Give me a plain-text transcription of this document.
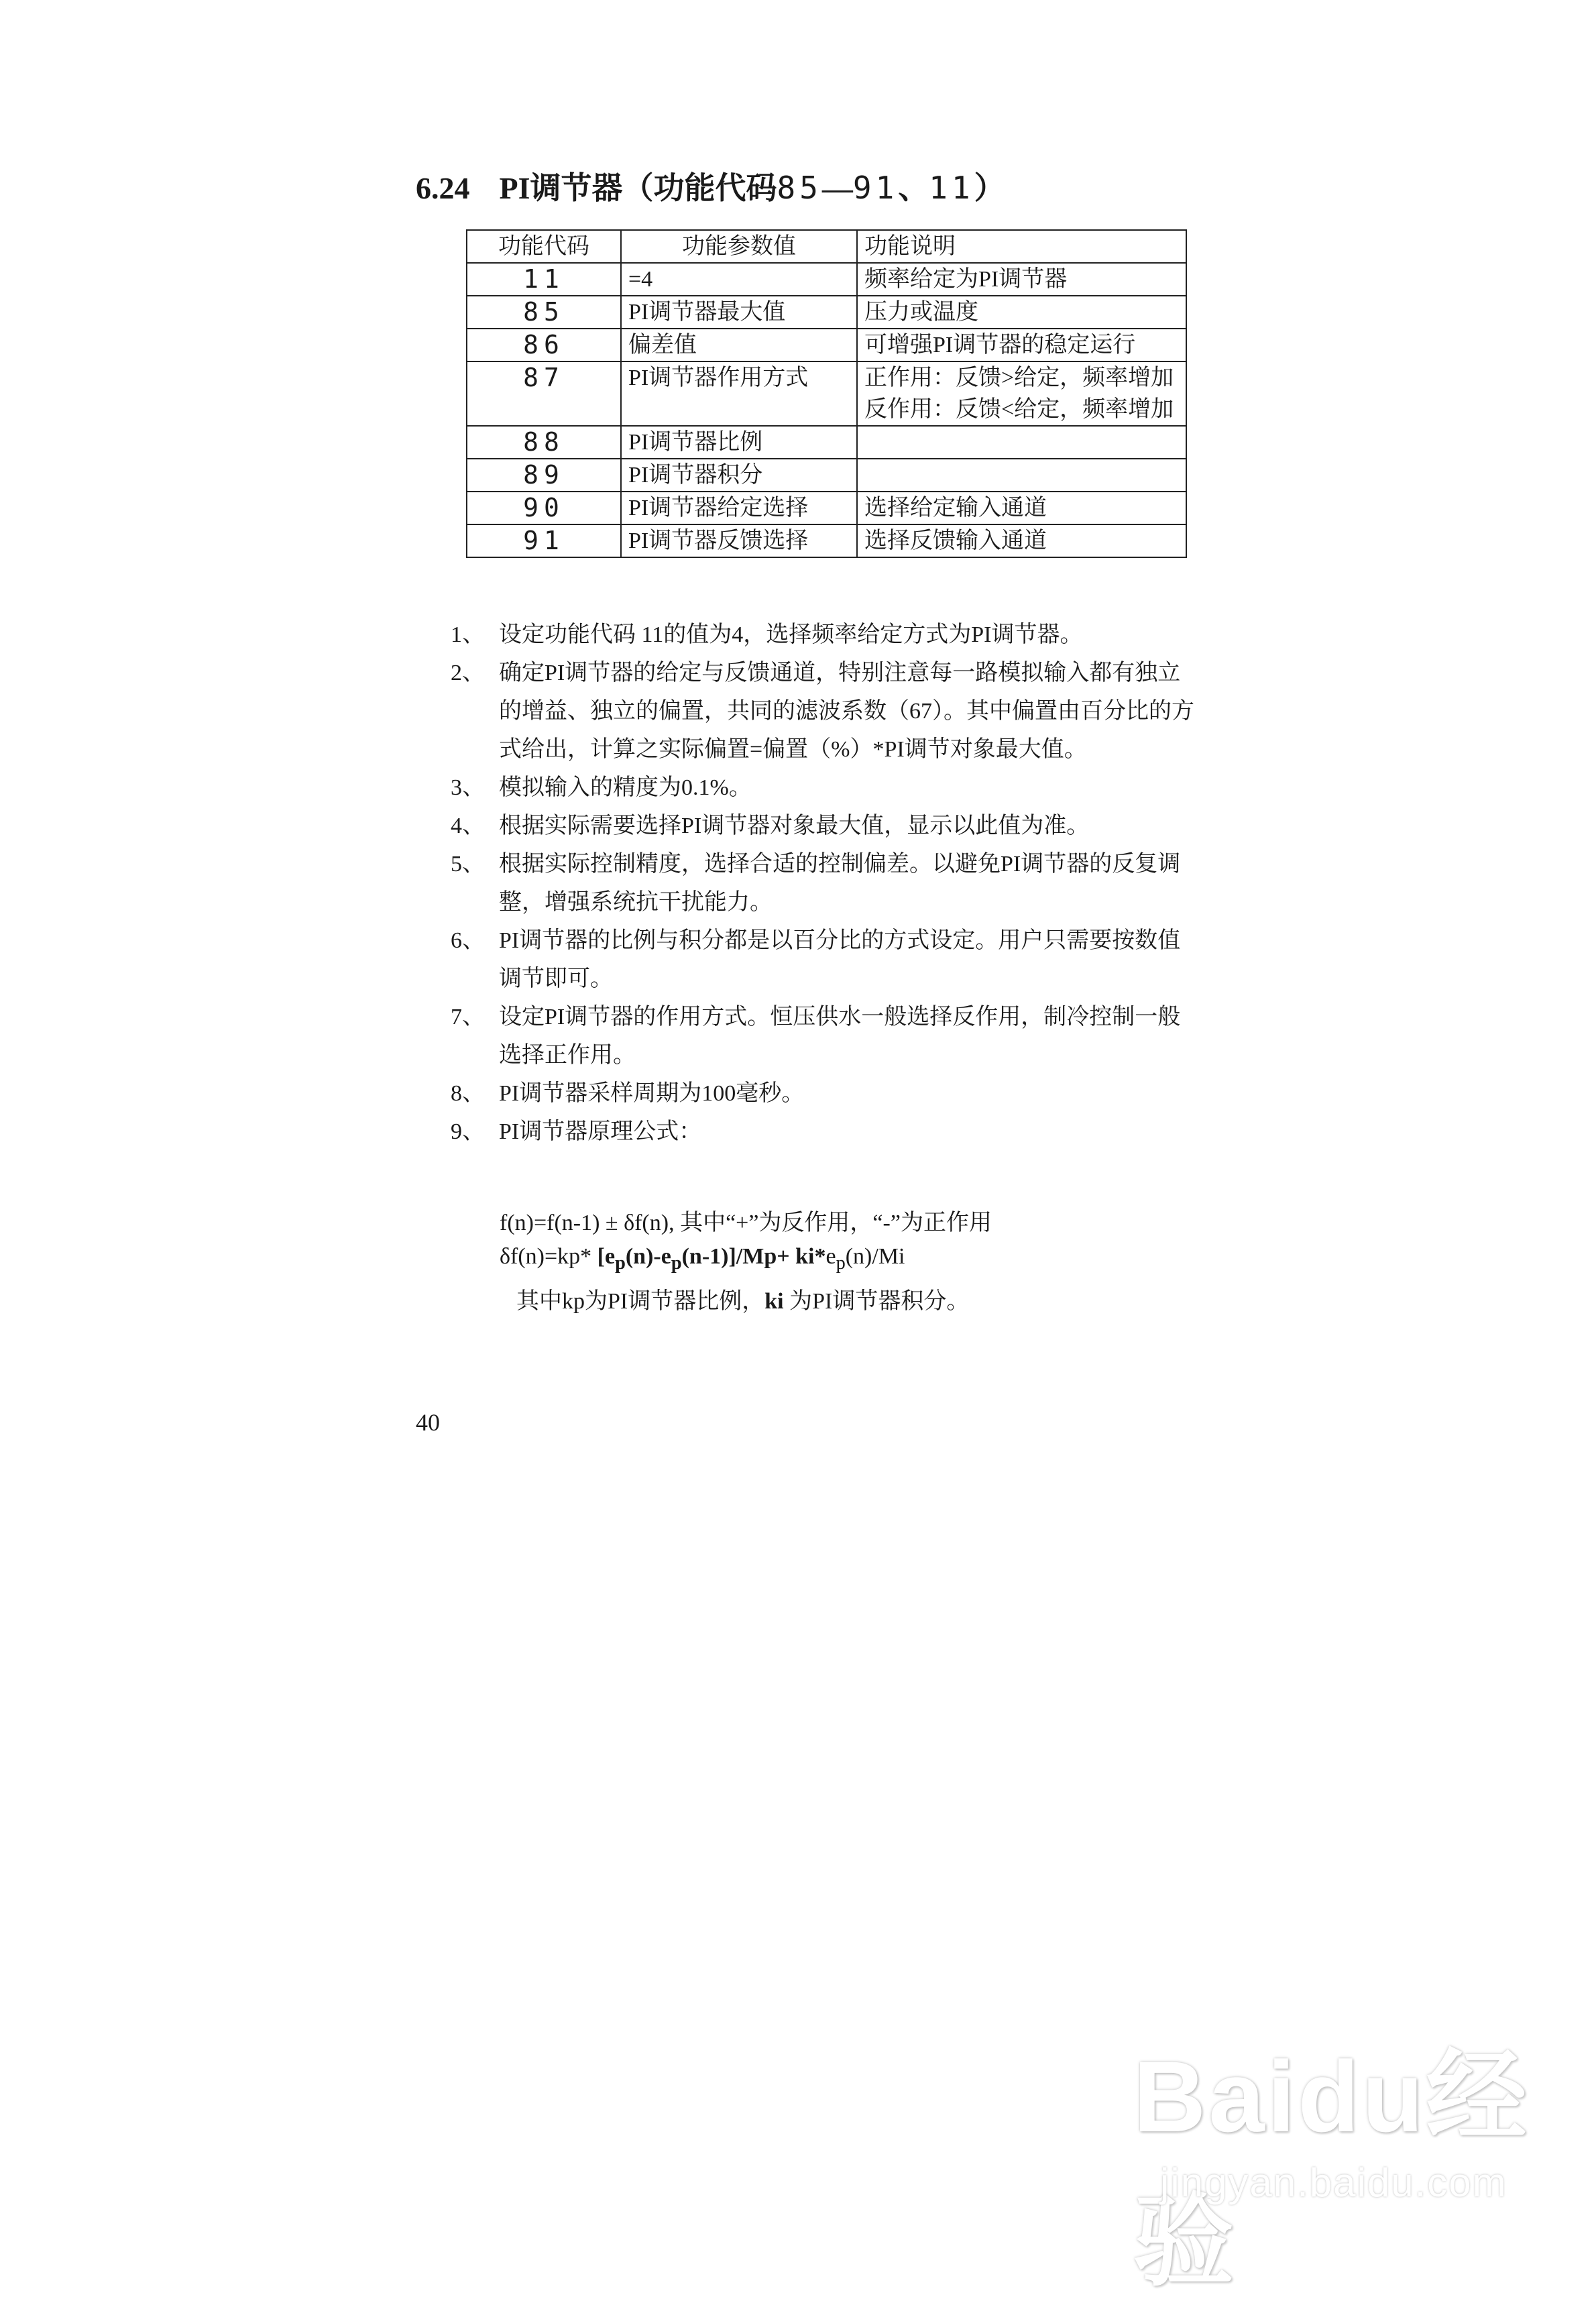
6.24 PI调节器（功能代码85—91、11）
功能代码	功能参数值	功能说明
11	=4	频率给定为PI调节器
85	PI调节器最大值	压力或温度
86	偏差值	可增强PI调节器的稳定运行
87	PI调节器作用方式	正作用：反馈>给定，频率增加
反作用：反馈<给定，频率增加

88	PI调节器比例	
89	PI调节器积分	
90	PI调节器给定选择	选择给定输入通道
91	PI调节器反馈选择	选择反馈输入通道
1、 设定功能代码 11的值为4，选择频率给定方式为PI调节器。
2、 确定PI调节器的给定与反馈通道，特别注意每一路模拟输入都有独立的增益、独立的偏置，共同的滤波系数（67）。其中偏置由百分比的方式给出，计算之实际偏置=偏置（%）*PI调节对象最大值。
3、 模拟输入的精度为0.1%。
4、 根据实际需要选择PI调节器对象最大值，显示以此值为准。
5、 根据实际控制精度，选择合适的控制偏差。以避免PI调节器的反复调整，增强系统抗干扰能力。
6、 PI调节器的比例与积分都是以百分比的方式设定。用户只需要按数值调节即可。
7、 设定PI调节器的作用方式。恒压供水一般选择反作用，制冷控制一般选择正作用。
8、 PI调节器采样周期为100毫秒。
9、 PI调节器原理公式：
f(n)=f(n-1) ± δf(n), 其中“+”为反作用，“-”为正作用
δf(n)=kp* $[e_p(n)-e_p(n-1)]/Mp+ ki*e_p(n)/Mi$
其中kp为PI调节器比例，ki 为PI调节器积分。
40
Baidu经验
jingyan.baidu.com
